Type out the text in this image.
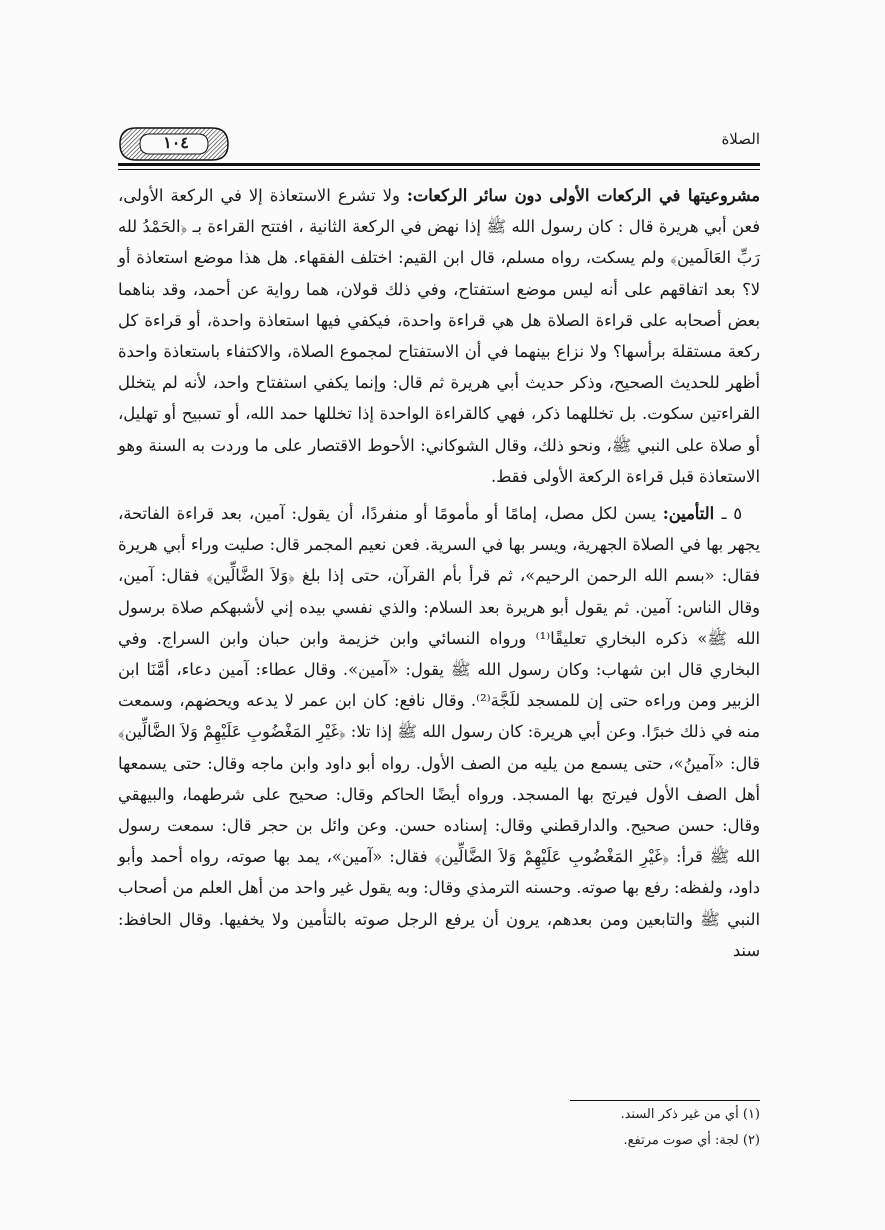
١٠٤	الصلاة

مشروعيتها في الركعات الأولى دون سائر الركعات: ولا تشرع الاستعاذة إلا في الركعة الأولى، فعن أبي هريرة قال : كان رسول الله ﷺ إذا نهض في الركعة الثانية ، افتتح القراءة بـ ﴿الحَمْدُ لله رَبِّ العَالَمين﴾ ولم يسكت، رواه مسلم، قال ابن القيم: اختلف الفقهاء. هل هذا موضع استعاذة أو لا؟ بعد اتفاقهم على أنه ليس موضع استفتاح، وفي ذلك قولان، هما رواية عن أحمد، وقد بناهما بعض أصحابه على قراءة الصلاة هل هي قراءة واحدة، فيكفي فيها استعاذة واحدة، أو قراءة كل ركعة مستقلة برأسها؟ ولا نزاع بينهما في أن الاستفتاح لمجموع الصلاة، والاكتفاء باستعاذة واحدة أظهر للحديث الصحيح، وذكر حديث أبي هريرة ثم قال: وإنما يكفي استفتاح واحد، لأنه لم يتخلل القراءتين سكوت. بل تخللهما ذكر، فهي كالقراءة الواحدة إذا تخللها حمد الله، أو تسبيح أو تهليل، أو صلاة على النبي ﷺ، ونحو ذلك، وقال الشوكاني: الأحوط الاقتصار على ما وردت به السنة وهو الاستعاذة قبل قراءة الركعة الأولى فقط.

٥ ـ التأمين: يسن لكل مصل، إمامًا أو مأمومًا أو منفردًا، أن يقول: آمين، بعد قراءة الفاتحة، يجهر بها في الصلاة الجهرية، ويسر بها في السرية. فعن نعيم المجمر قال: صليت وراء أبي هريرة فقال: «بسم الله الرحمن الرحيم»، ثم قرأ بأم القرآن، حتى إذا بلغ ﴿وَلاَ الضَّالِّين﴾ فقال: آمين، وقال الناس: آمين. ثم يقول أبو هريرة بعد السلام: والذي نفسي بيده إني لأشبهكم صلاة برسول الله ﷺ» ذكره البخاري تعليقًا⁽¹⁾ ورواه النسائي وابن خزيمة وابن حبان وابن السراج. وفي البخاري قال ابن شهاب: وكان رسول الله ﷺ يقول: «آمين». وقال عطاء: آمين دعاء، أمَّنَا ابن الزبير ومن وراءه حتى إن للمسجد للَجَّة⁽²⁾. وقال نافع: كان ابن عمر لا يدعه ويحضهم، وسمعت منه في ذلك خبرًا. وعن أبي هريرة: كان رسول الله ﷺ إذا تلا: ﴿غَيْرِ المَغْضُوبِ عَلَيْهِمْ وَلاَ الضَّالِّين﴾ قال: «آمينُ»، حتى يسمع من يليه من الصف الأول. رواه أبو داود وابن ماجه وقال: حتى يسمعها أهل الصف الأول فيرتج بها المسجد. ورواه أيضًا الحاكم وقال: صحيح على شرطهما، والبيهقي وقال: حسن صحيح. والدارقطني وقال: إسناده حسن. وعن وائل بن حجر قال: سمعت رسول الله ﷺ قرأ: ﴿غَيْرِ المَغْضُوبِ عَلَيْهِمْ وَلاَ الضَّالِّين﴾ فقال: «آمين»، يمد بها صوته، رواه أحمد وأبو داود، ولفظه: رفع بها صوته. وحسنه الترمذي وقال: وبه يقول غير واحد من أهل العلم من أصحاب النبي ﷺ والتابعين ومن بعدهم، يرون أن يرفع الرجل صوته بالتأمين ولا يخفيها. وقال الحافظ: سند

(١) أي من غير ذكر السند.
(٢) لجة: أي صوت مرتفع.
